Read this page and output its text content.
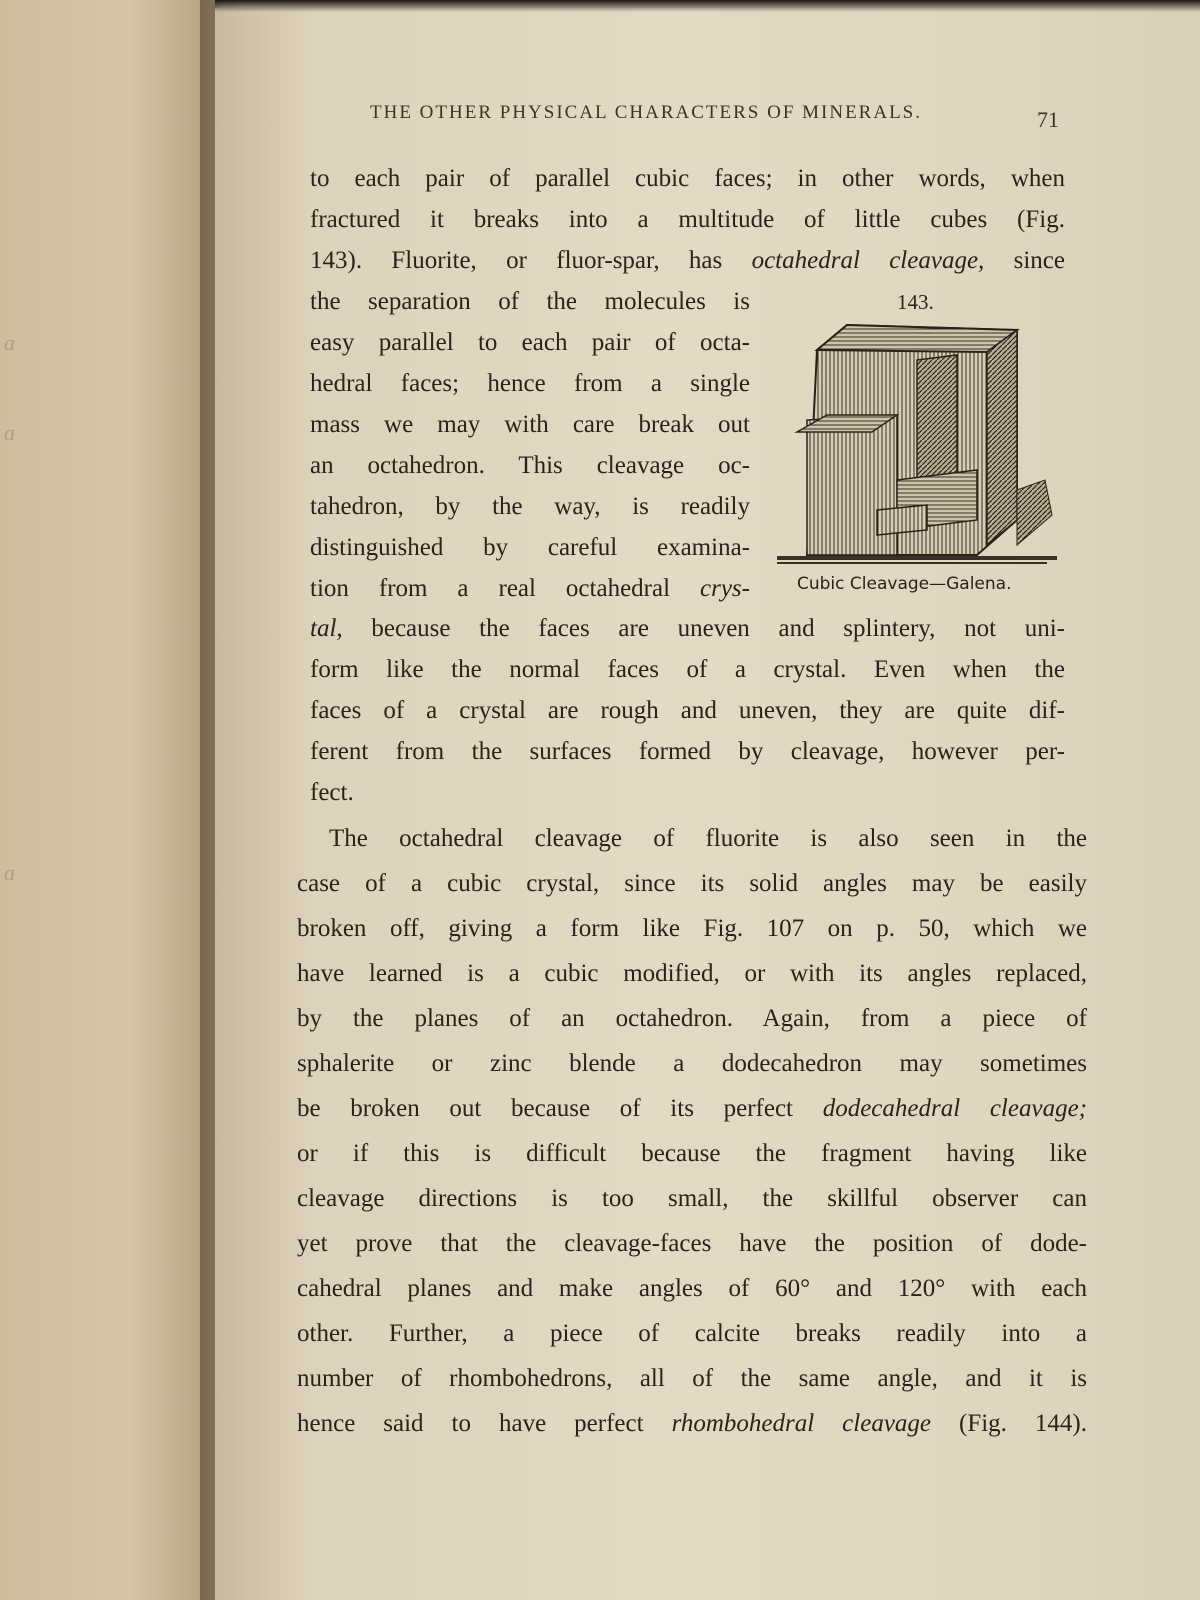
ɑ
ɑ
ɑ
THE OTHER PHYSICAL CHARACTERS OF MINERALS.	71
to each pair of parallel cubic faces; in other words, when
fractured it breaks into a multitude of little cubes (Fig.
143). Fluorite, or fluor-spar, has octahedral cleavage, since
the separation of the molecules is
easy parallel to each pair of octa-
hedral faces; hence from a single
mass we may with care break out
an octahedron. This cleavage oc-
tahedron, by the way, is readily
distinguished by careful examina-
tion from a real octahedral crys-
143.
Cubic Cleavage—Galena.
tal, because the faces are uneven and splintery, not uni-
form like the normal faces of a crystal. Even when the
faces of a crystal are rough and uneven, they are quite dif-
ferent from the surfaces formed by cleavage, however per-
fect.
The octahedral cleavage of fluorite is also seen in the
case of a cubic crystal, since its solid angles may be easily
broken off, giving a form like Fig. 107 on p. 50, which we
have learned is a cubic modified, or with its angles replaced,
by the planes of an octahedron. Again, from a piece of
sphalerite or zinc blende a dodecahedron may sometimes
be broken out because of its perfect dodecahedral cleavage;
or if this is difficult because the fragment having like
cleavage directions is too small, the skillful observer can
yet prove that the cleavage-faces have the position of dode-
cahedral planes and make angles of 60° and 120° with each
other. Further, a piece of calcite breaks readily into a
number of rhombohedrons, all of the same angle, and it is
hence said to have perfect rhombohedral cleavage (Fig. 144).
